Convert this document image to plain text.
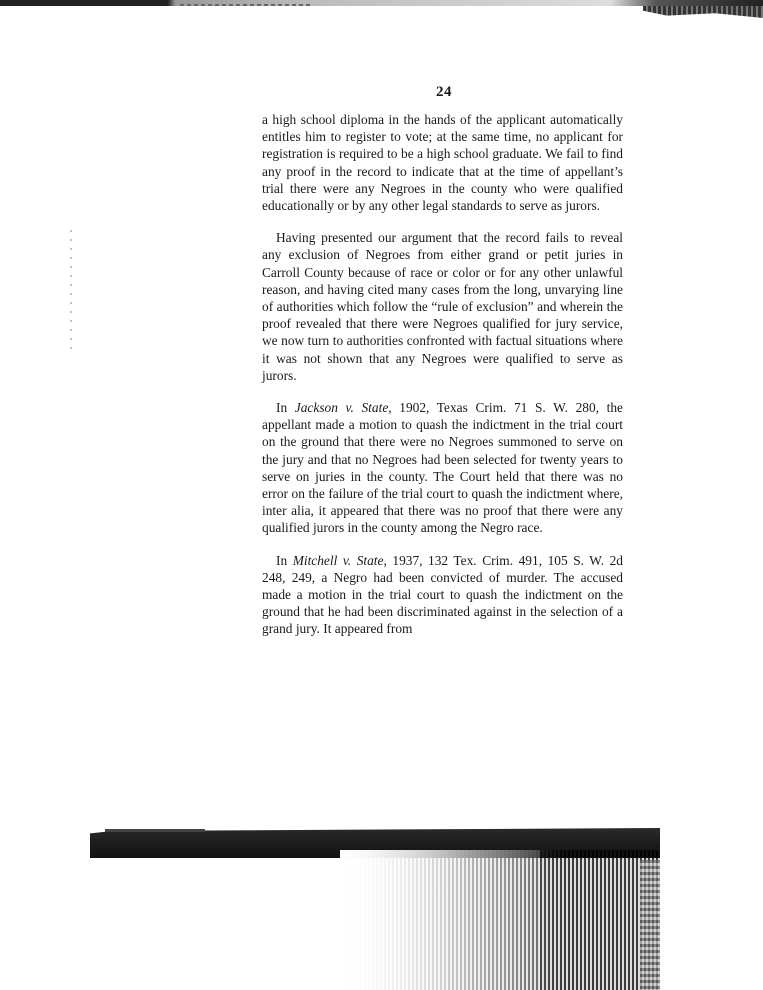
24

a high school diploma in the hands of the applicant automatically entitles him to register to vote; at the same time, no applicant for registration is required to be a high school graduate. We fail to find any proof in the record to indicate that at the time of appellant’s trial there were any Negroes in the county who were qualified educationally or by any other legal standards to serve as jurors.

Having presented our argument that the record fails to reveal any exclusion of Negroes from either grand or petit juries in Carroll County because of race or color or for any other unlawful reason, and having cited many cases from the long, unvarying line of authorities which follow the “rule of exclusion” and wherein the proof revealed that there were Negroes qualified for jury service, we now turn to authorities confronted with factual situations where it was not shown that any Negroes were qualified to serve as jurors.

In Jackson v. State, 1902, Texas Crim. 71 S. W. 280, the appellant made a motion to quash the indictment in the trial court on the ground that there were no Negroes summoned to serve on the jury and that no Negroes had been selected for twenty years to serve on juries in the county. The Court held that there was no error on the failure of the trial court to quash the indictment where, inter alia, it appeared that there was no proof that there were any qualified jurors in the county among the Negro race.

In Mitchell v. State, 1937, 132 Tex. Crim. 491, 105 S. W. 2d 248, 249, a Negro had been convicted of murder. The accused made a motion in the trial court to quash the indictment on the ground that he had been discriminated against in the selection of a grand jury. It appeared from
